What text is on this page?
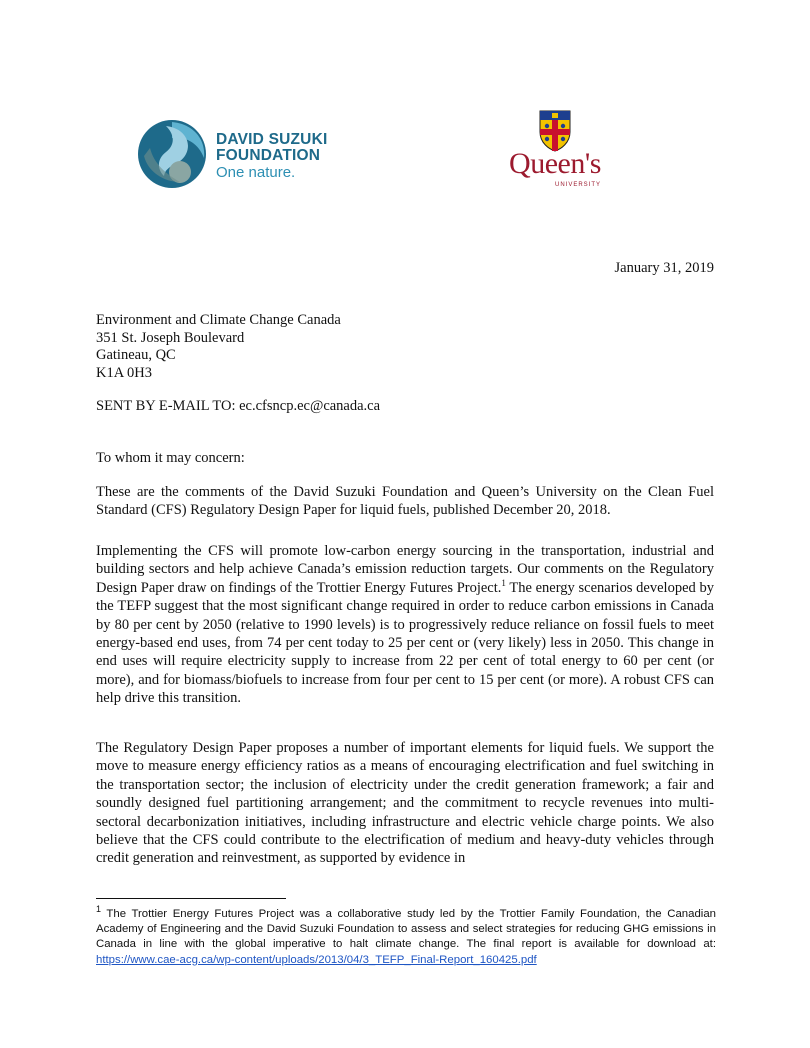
DAVID SUZUKI
FOUNDATION
One nature.	Queen's
UNIVERSITY
January 31, 2019
Environment and Climate Change Canada
351 St. Joseph Boulevard
Gatineau, QC
K1A 0H3
SENT BY E-MAIL TO: ec.cfsncp.ec@canada.ca
To whom it may concern:
These are the comments of the David Suzuki Foundation and Queen’s University on the Clean Fuel Standard (CFS) Regulatory Design Paper for liquid fuels, published December 20, 2018.
Implementing the CFS will promote low-carbon energy sourcing in the transportation, industrial and building sectors and help achieve Canada’s emission reduction targets. Our comments on the Regulatory Design Paper draw on findings of the Trottier Energy Futures Project.$^1$ The energy scenarios developed by the TEFP suggest that the most significant change required in order to reduce carbon emissions in Canada by 80 per cent by 2050 (relative to 1990 levels) is to progressively reduce reliance on fossil fuels to meet energy-based end uses, from 74 per cent today to 25 per cent or (very likely) less in 2050. This change in end uses will require electricity supply to increase from 22 per cent of total energy to 60 per cent (or more), and for biomass/biofuels to increase from four per cent to 15 per cent (or more). A robust CFS can help drive this transition.
The Regulatory Design Paper proposes a number of important elements for liquid fuels. We support the move to measure energy efficiency ratios as a means of encouraging electrification and fuel switching in the transportation sector; the inclusion of electricity under the credit generation framework; a fair and soundly designed fuel partitioning arrangement; and the commitment to recycle revenues into multi-sectoral decarbonization initiatives, including infrastructure and electric vehicle charge points. We also believe that the CFS could contribute to the electrification of medium and heavy-duty vehicles through credit generation and reinvestment, as supported by evidence in
$^1$ The Trottier Energy Futures Project was a collaborative study led by the Trottier Family Foundation, the Canadian Academy of Engineering and the David Suzuki Foundation to assess and select strategies for reducing GHG emissions in Canada in line with the global imperative to halt climate change. The final report is available for download at: https://www.cae-acg.ca/wp-content/uploads/2013/04/3_TEFP_Final-Report_160425.pdf
